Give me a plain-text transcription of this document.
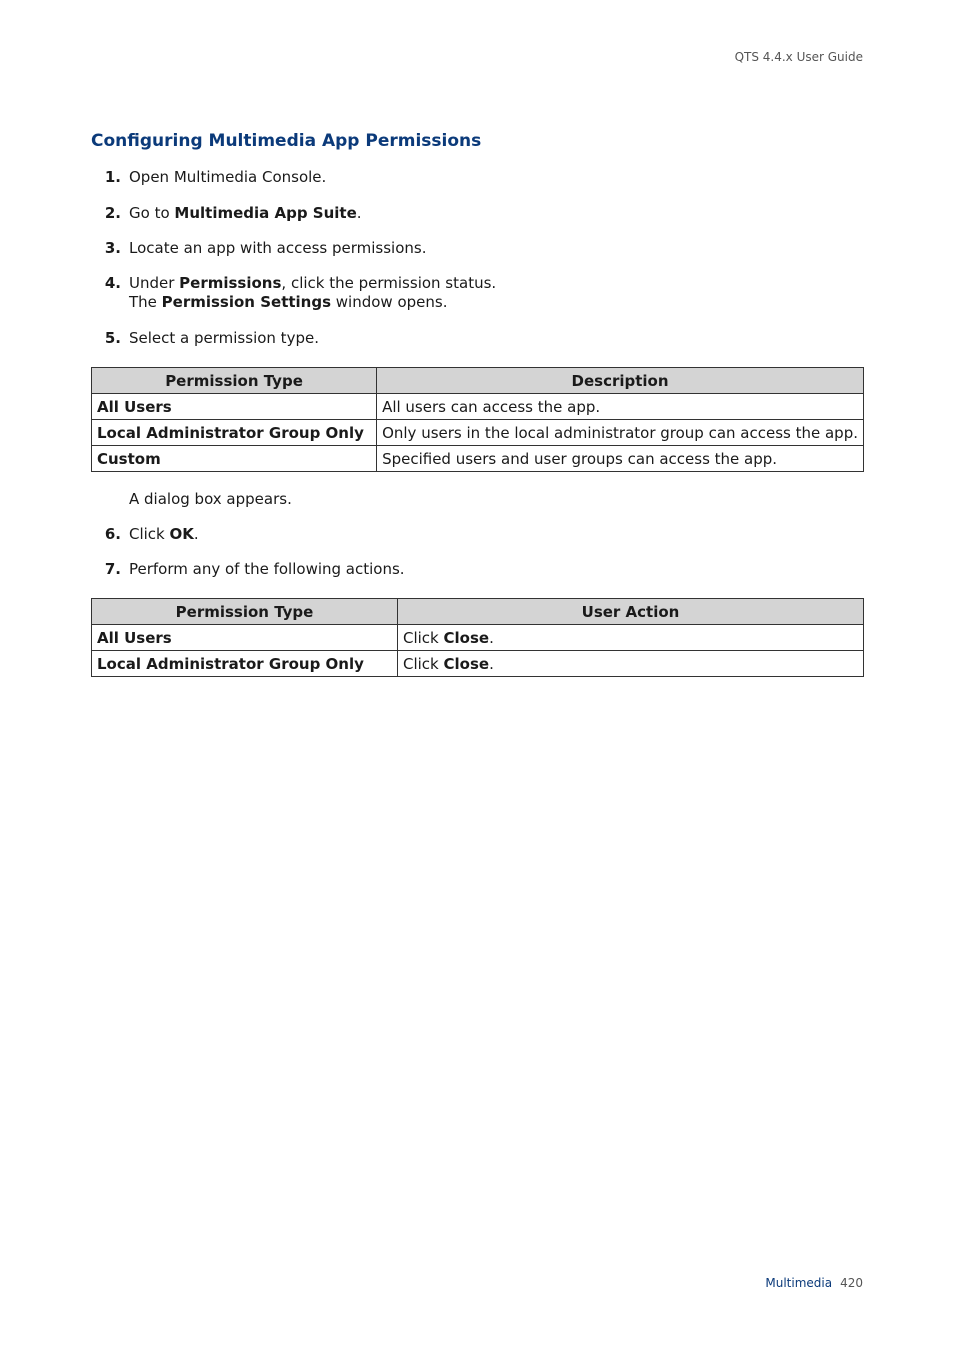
QTS 4.4.x User Guide
Configuring Multimedia App Permissions
1. Open Multimedia Console.
2. Go to Multimedia App Suite.
3. Locate an app with access permissions.
4. Under Permissions, click the permission status.
The Permission Settings window opens.
5. Select a permission type.
Permission Type	Description
All Users	All users can access the app.
Local Administrator Group Only	Only users in the local administrator group can access the app.
Custom	Specified users and user groups can access the app.
A dialog box appears.
6. Click OK.
7. Perform any of the following actions.
Permission Type	User Action
All Users	Click Close.
Local Administrator Group Only	Click Close.
Multimedia 420
